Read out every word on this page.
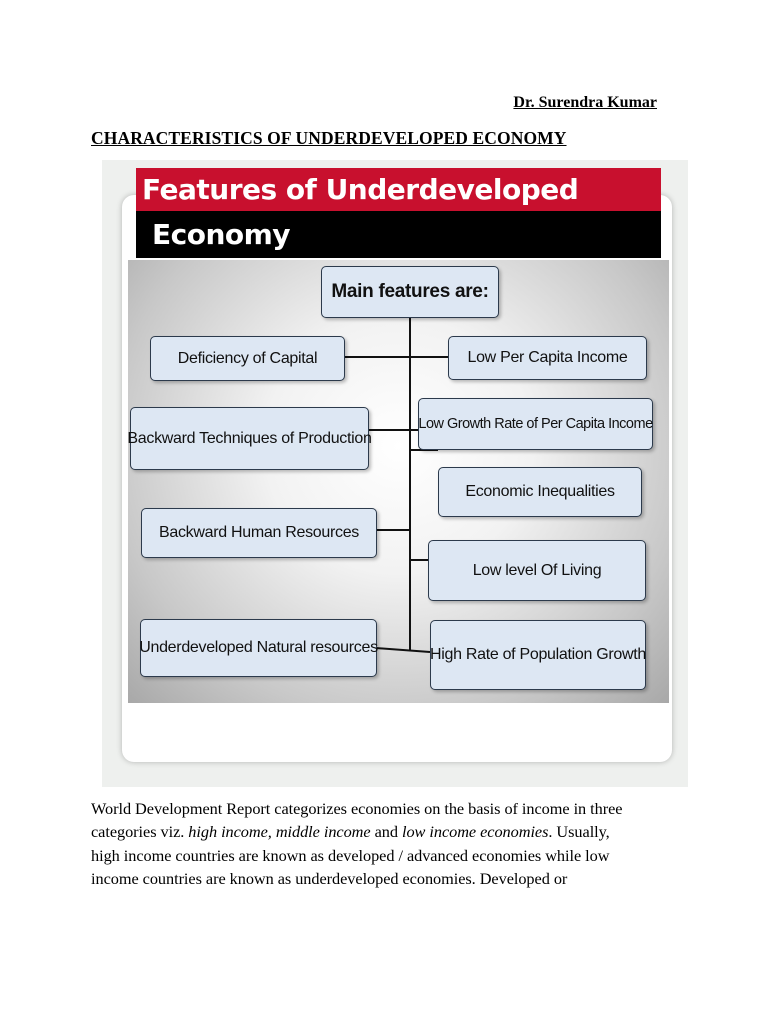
Dr. Surendra Kumar
CHARACTERISTICS OF UNDERDEVELOPED ECONOMY
Features of Underdeveloped
Economy
Main features are:
Deficiency of Capital
Backward Techniques of Production
Backward Human Resources
Underdeveloped Natural resources
Low Per Capita Income
Low Growth Rate of Per Capita Income
Economic Inequalities
Low level Of Living
High Rate of Population Growth

World Development Report categorizes economies on the basis of income in three

categories viz. high income, middle income and low income economies. Usually,

high income countries are known as developed / advanced economies while low

income countries are known as underdeveloped economies. Developed or
